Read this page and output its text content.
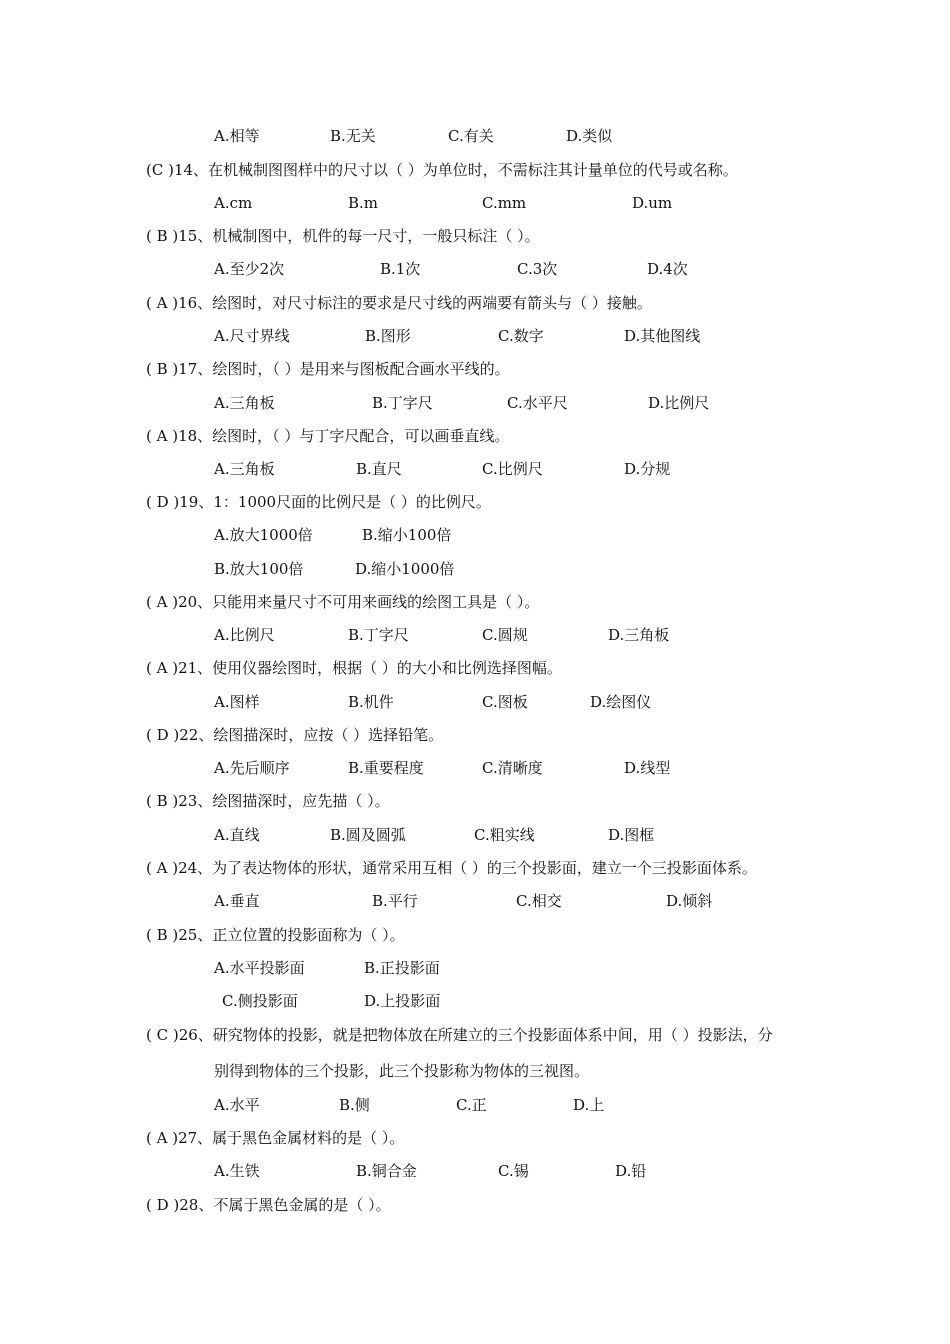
A.相等	B.无关	C.有关	D.类似
(C )14、在机械制图图样中的尺寸以（ ）为单位时，不需标注其计量单位的代号或名称。
A.cm	B.m	C.mm	D.um
( B )15、机械制图中，机件的每一尺寸，一般只标注（ ）。
A.至少2次	B.1次	C.3次	D.4次
( A )16、绘图时，对尺寸标注的要求是尺寸线的两端要有箭头与（ ）接触。
A.尺寸界线	B.图形	C.数字	D.其他图线
( B )17、绘图时，（ ）是用来与图板配合画水平线的。
A.三角板	B.丁字尺	C.水平尺	D.比例尺
( A )18、绘图时，（ ）与丁字尺配合，可以画垂直线。
A.三角板	B.直尺	C.比例尺	D.分规
( D )19、1：1000尺面的比例尺是（ ）的比例尺。
A.放大1000倍	B.缩小100倍
B.放大100倍	D.缩小1000倍
( A )20、只能用来量尺寸不可用来画线的绘图工具是（ ）。
A.比例尺	B.丁字尺	C.圆规	D.三角板
( A )21、使用仪器绘图时，根据（ ）的大小和比例选择图幅。
A.图样	B.机件	C.图板	D.绘图仪
( D )22、绘图描深时，应按（ ）选择铅笔。
A.先后顺序	B.重要程度	C.清晰度	D.线型
( B )23、绘图描深时，应先描（ ）。
A.直线	B.圆及圆弧	C.粗实线	D.图框
( A )24、为了表达物体的形状，通常采用互相（ ）的三个投影面，建立一个三投影面体系。
A.垂直	B.平行	C.相交	D.倾斜
( B )25、正立位置的投影面称为（ ）。
A.水平投影面	B.正投影面
C.侧投影面	D.上投影面
( C )26、研究物体的投影，就是把物体放在所建立的三个投影面体系中间，用（ ）投影法，分
别得到物体的三个投影，此三个投影称为物体的三视图。
A.水平	B.侧	C.正	D.上
( A )27、属于黑色金属材料的是（ ）。
A.生铁	B.铜合金	C.锡	D.铅
( D )28、不属于黑色金属的是（ ）。
